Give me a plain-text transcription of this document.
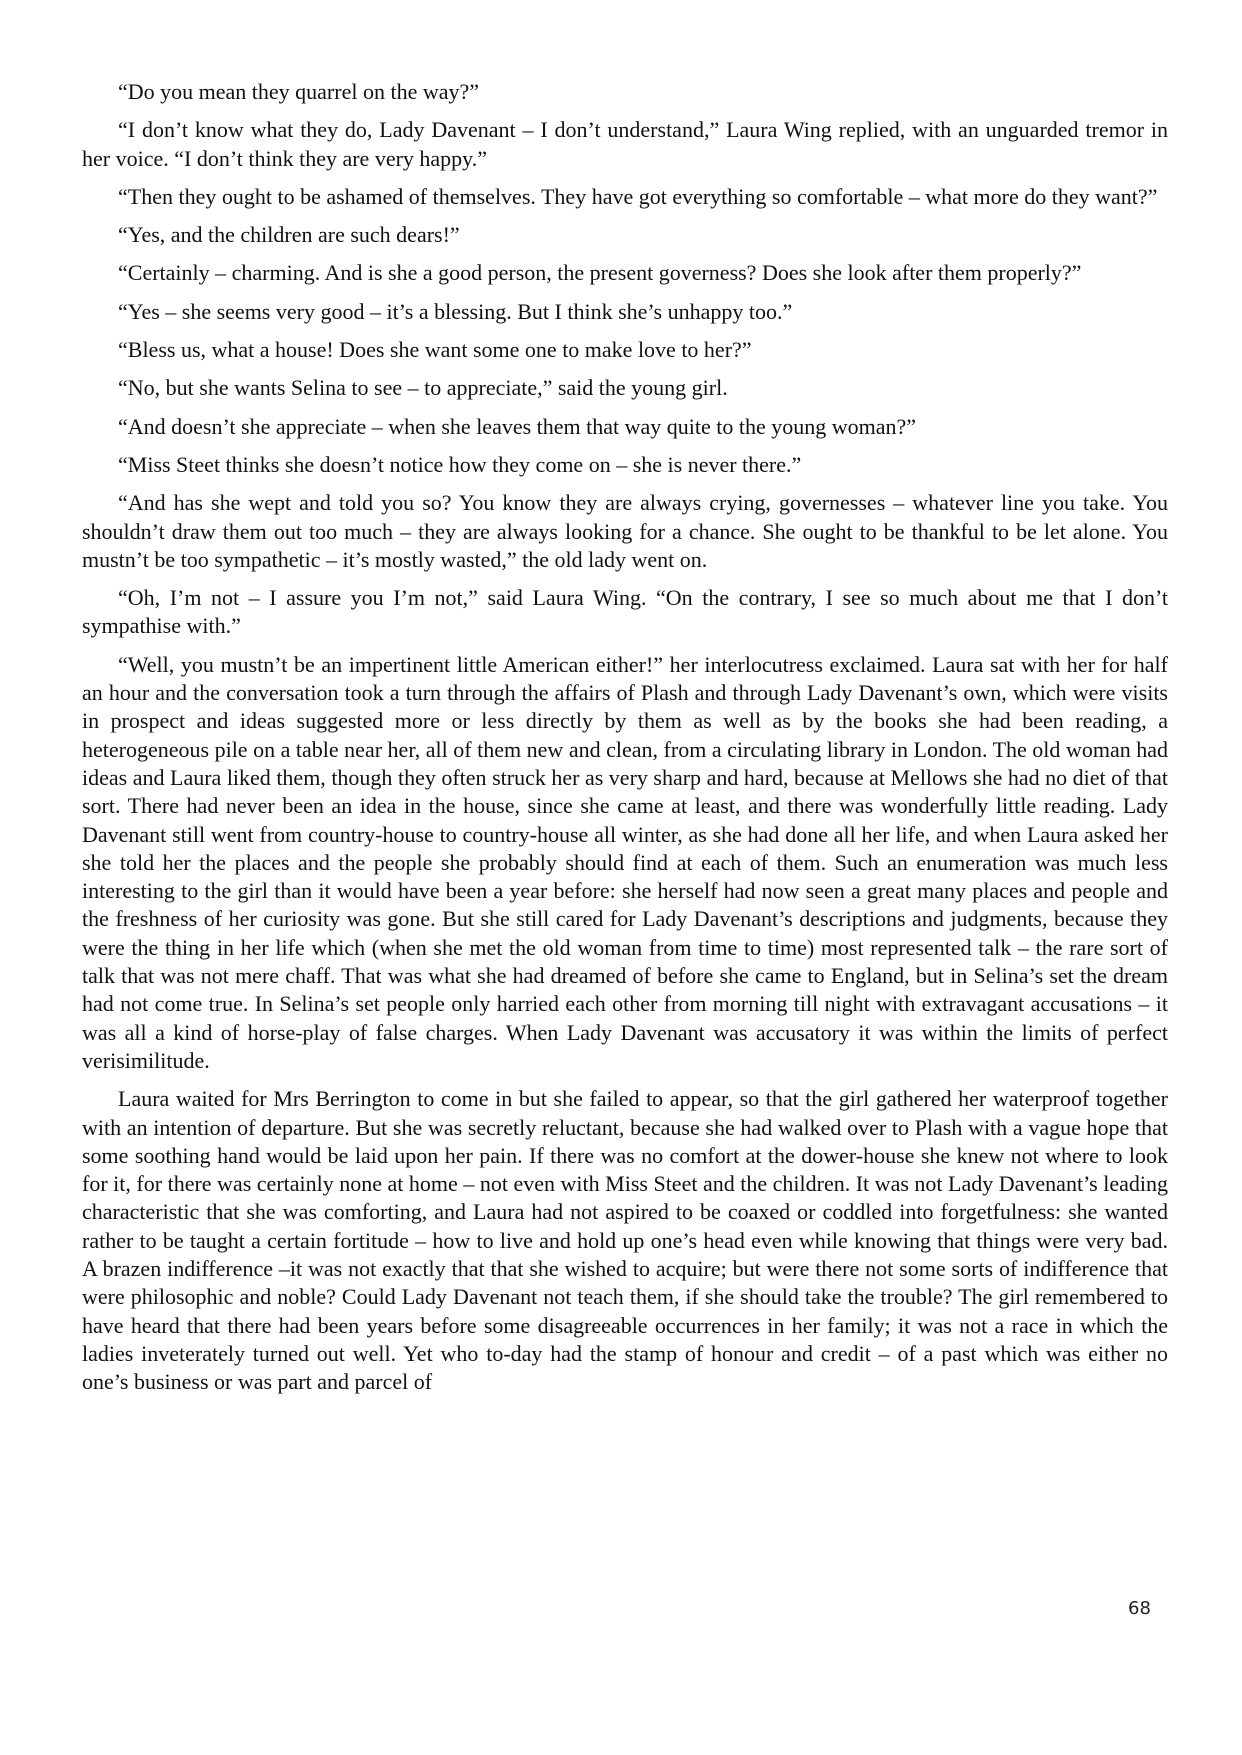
“Do you mean they quarrel on the way?”

“I don’t know what they do, Lady Davenant – I don’t understand,” Laura Wing replied, with an unguarded tremor in her voice. “I don’t think they are very happy.”

“Then they ought to be ashamed of themselves. They have got everything so comfortable – what more do they want?”

“Yes, and the children are such dears!”

“Certainly – charming. And is she a good person, the present governess? Does she look after them properly?”

“Yes – she seems very good – it’s a blessing. But I think she’s unhappy too.”

“Bless us, what a house! Does she want some one to make love to her?”

“No, but she wants Selina to see – to appreciate,” said the young girl.

“And doesn’t she appreciate – when she leaves them that way quite to the young woman?”

“Miss Steet thinks she doesn’t notice how they come on – she is never there.”

“And has she wept and told you so? You know they are always crying, governesses – whatever line you take. You shouldn’t draw them out too much – they are always looking for a chance. She ought to be thankful to be let alone. You mustn’t be too sympathetic – it’s mostly wasted,” the old lady went on.

“Oh, I’m not – I assure you I’m not,” said Laura Wing. “On the contrary, I see so much about me that I don’t sympathise with.”

“Well, you mustn’t be an impertinent little American either!” her interlocutress exclaimed. Laura sat with her for half an hour and the conversation took a turn through the affairs of Plash and through Lady Davenant’s own, which were visits in prospect and ideas suggested more or less directly by them as well as by the books she had been reading, a heterogeneous pile on a table near her, all of them new and clean, from a circulating library in London. The old woman had ideas and Laura liked them, though they often struck her as very sharp and hard, because at Mellows she had no diet of that sort. There had never been an idea in the house, since she came at least, and there was wonderfully little reading. Lady Davenant still went from country-house to country-house all winter, as she had done all her life, and when Laura asked her she told her the places and the people she probably should find at each of them. Such an enumeration was much less interesting to the girl than it would have been a year before: she herself had now seen a great many places and people and the freshness of her curiosity was gone. But she still cared for Lady Davenant’s descriptions and judgments, because they were the thing in her life which (when she met the old woman from time to time) most represented talk – the rare sort of talk that was not mere chaff. That was what she had dreamed of before she came to England, but in Selina’s set the dream had not come true. In Selina’s set people only harried each other from morning till night with extravagant accusations – it was all a kind of horse-play of false charges. When Lady Davenant was accusatory it was within the limits of perfect verisimilitude.

Laura waited for Mrs Berrington to come in but she failed to appear, so that the girl gathered her waterproof together with an intention of departure. But she was secretly reluctant, because she had walked over to Plash with a vague hope that some soothing hand would be laid upon her pain. If there was no comfort at the dower-house she knew not where to look for it, for there was certainly none at home – not even with Miss Steet and the children. It was not Lady Davenant’s leading characteristic that she was comforting, and Laura had not aspired to be coaxed or coddled into forgetfulness: she wanted rather to be taught a certain fortitude – how to live and hold up one’s head even while knowing that things were very bad. A brazen indifference –it was not exactly that that she wished to acquire; but were there not some sorts of indifference that were philosophic and noble? Could Lady Davenant not teach them, if she should take the trouble? The girl remembered to have heard that there had been years before some disagreeable occurrences in her family; it was not a race in which the ladies inveterately turned out well. Yet who to-day had the stamp of honour and credit – of a past which was either no one’s business or was part and parcel of

68
